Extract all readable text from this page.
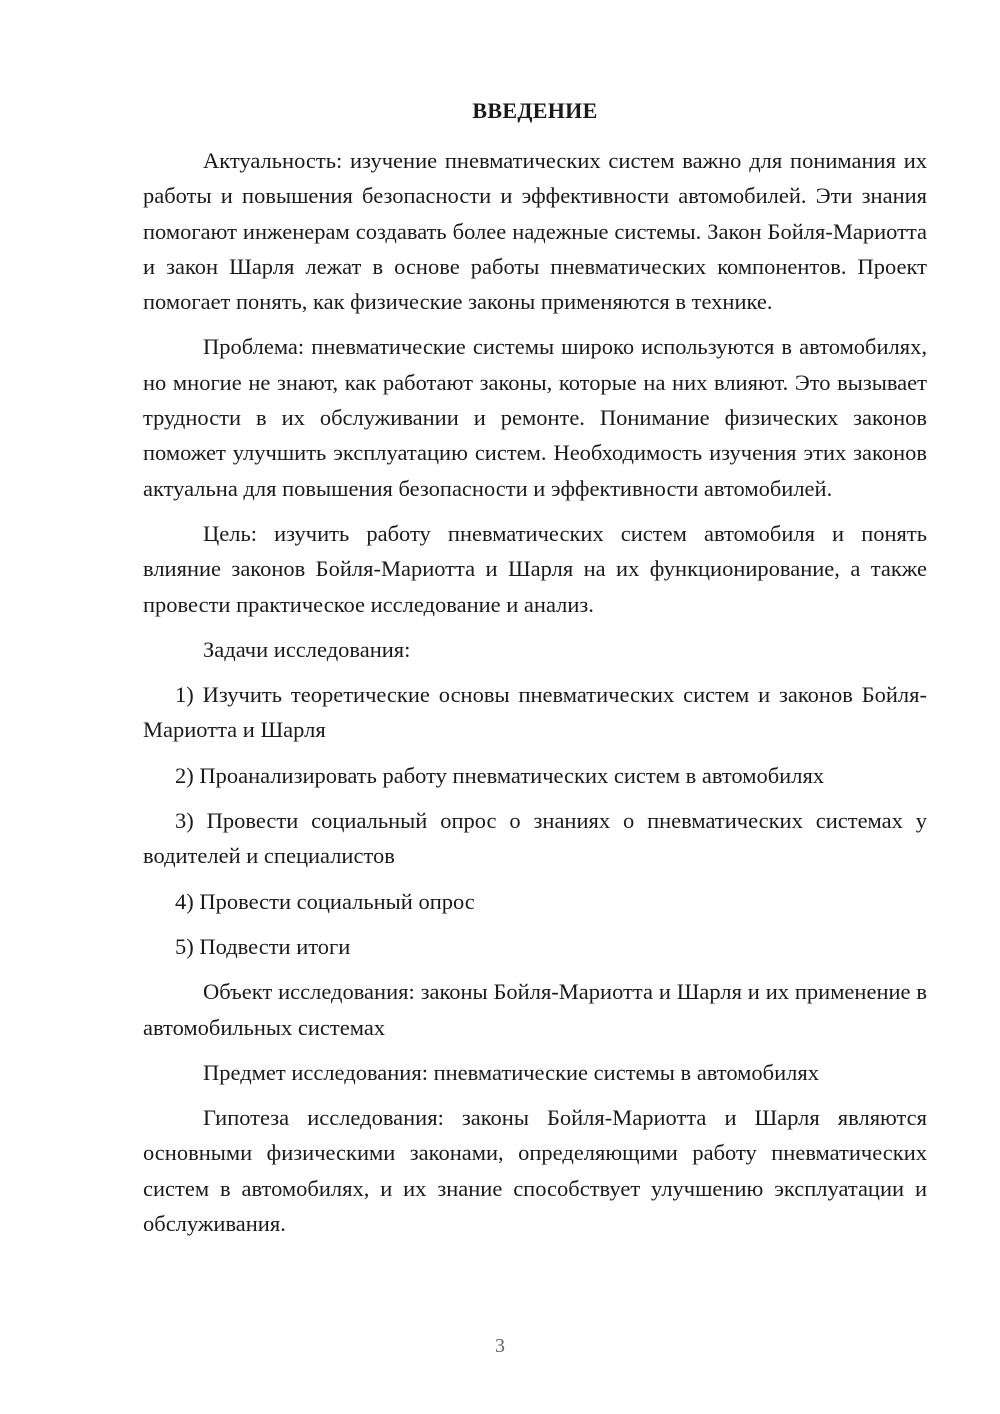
ВВЕДЕНИЕ

Актуальность: изучение пневматических систем важно для понимания их работы и повышения безопасности и эффективности автомобилей. Эти знания помогают инженерам создавать более надежные системы. Закон Бойля-Мариотта и закон Шарля лежат в основе работы пневматических компонентов. Проект помогает понять, как физические законы применяются в технике.

Проблема: пневматические системы широко используются в автомобилях, но многие не знают, как работают законы, которые на них влияют. Это вызывает трудности в их обслуживании и ремонте. Понимание физических законов поможет улучшить эксплуатацию систем. Необходимость изучения этих законов актуальна для повышения безопасности и эффективности автомобилей.

Цель: изучить работу пневматических систем автомобиля и понять влияние законов Бойля-Мариотта и Шарля на их функционирование, а также провести практическое исследование и анализ.

Задачи исследования:

1) Изучить теоретические основы пневматических систем и законов Бойля-Мариотта и Шарля

2) Проанализировать работу пневматических систем в автомобилях

3) Провести социальный опрос о знаниях о пневматических системах у водителей и специалистов

4) Провести социальный опрос

5) Подвести итоги

Объект исследования: законы Бойля-Мариотта и Шарля и их применение в автомобильных системах

Предмет исследования: пневматические системы в автомобилях

Гипотеза исследования: законы Бойля-Мариотта и Шарля являются основными физическими законами, определяющими работу пневматических систем в автомобилях, и их знание способствует улучшению эксплуатации и обслуживания.

3
